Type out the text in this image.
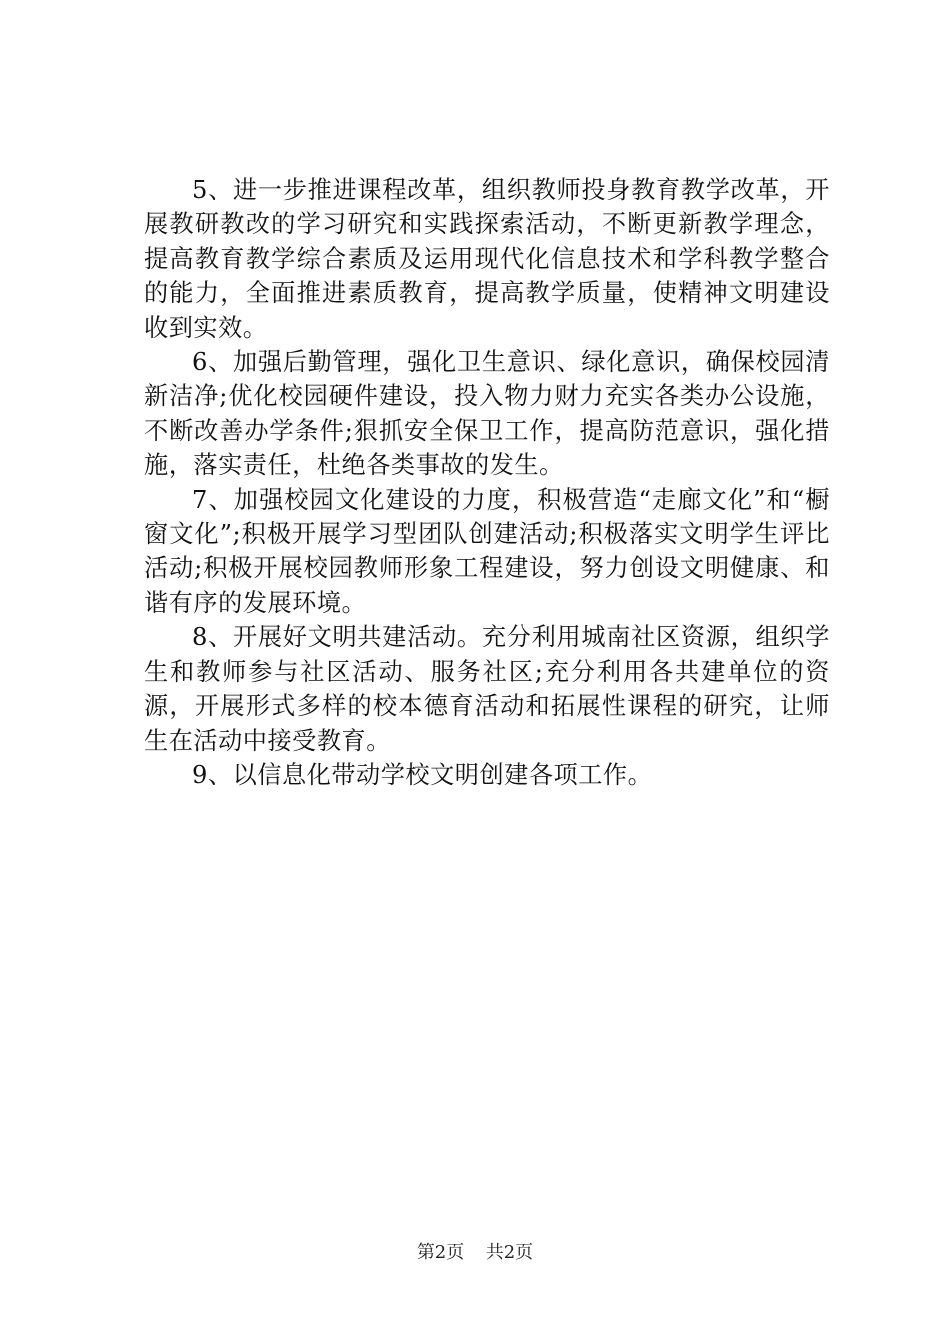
5、进一步推进课程改革，组织教师投身教育教学改革，开展教研教改的学习研究和实践探索活动，不断更新教学理念，提高教育教学综合素质及运用现代化信息技术和学科教学整合的能力，全面推进素质教育，提高教学质量，使精神文明建设收到实效。

6、加强后勤管理，强化卫生意识、绿化意识，确保校园清新洁净;优化校园硬件建设，投入物力财力充实各类办公设施，不断改善办学条件;狠抓安全保卫工作，提高防范意识，强化措施，落实责任，杜绝各类事故的发生。

7、加强校园文化建设的力度，积极营造“走廊文化”和“橱窗文化”;积极开展学习型团队创建活动;积极落实文明学生评比活动;积极开展校园教师形象工程建设，努力创设文明健康、和谐有序的发展环境。

8、开展好文明共建活动。充分利用城南社区资源，组织学生和教师参与社区活动、服务社区;充分利用各共建单位的资源，开展形式多样的校本德育活动和拓展性课程的研究，让师生在活动中接受教育。

9、以信息化带动学校文明创建各项工作。

第2页 共2页
